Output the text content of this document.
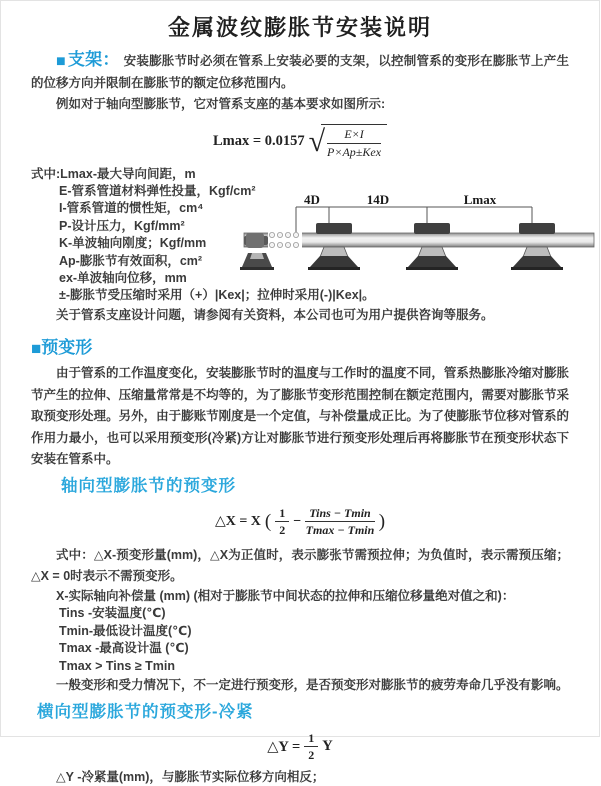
金属波纹膨胀节安装说明

■ 支架： 安装膨胀节时必须在管系上安装必要的支架，以控制管系的变形在膨胀节上产生的位移方向并限制在膨胀节的额定位移范围内。

例如对于轴向型膨胀节，它对管系支座的基本要求如图所示:

Lmax = 0.0157 √ $\frac{E\times I}{\text{P×Ap±Kex}}$
式中:Lmax-最大导向间距，m
E-管系管道材料弹性投量，Kgf/cm²
I-管系管道的惯性矩，cm⁴
P-设计压力，Kgf/mm²
K-单波轴向刚度；Kgf/mm
Ap-膨胀节有效面积，cm²
ex-单波轴向位移，mm
±-膨胀节受压缩时采用（+）|Kex|；拉伸时采用(-)|Kex|。

关于管系支座设计问题，请参阅有关资料，本公司也可为用户提供咨询等服务。

■预变形

由于管系的工作温度变化，安装膨胀节时的温度与工作时的温度不同，管系热膨胀冷缩对膨胀节产生的拉伸、压缩量常常是不均等的，为了膨胀节变形范围控制在额定范围内，需要对膨胀节采取预变形处理。另外，由于膨账节刚度是一个定值，与补偿量成正比。为了使膨胀节位移对管系的作用力最小，也可以采用预变形(冷紧)方让对膨胀节进行预变形处理后再将膨胀节在预变形状态下安装在管系中。

轴向型膨胀节的预变形
△X = X ( $\frac{1}{2} - \frac{\text{Tins − Tmin}}{Tmax - Tmin}$ )

式中：△X-预变形量(mm)，△X为正值时，表示膨张节需预拉伸；为负值时，表示需预压缩；△X = 0时表示不需预变形。

X-实际轴向补偿量 (mm) (相对于膨胀节中间状态的拉伸和压缩位移量绝对值之和)：

Tins -安装温度(℃)

Tmin-最低设计温度(℃)

Tmax -最高设计温 (℃)

Tmax > Tins ≥ Tmin

一般变形和受力情况下，不一定进行预变形，是否预变形对膨胀节的疲劳寿命几乎没有影响。

横向型膨胀节的预变形-冷紧
△Y = $\frac{1}{2}$ Y

△Y -冷紧量(mm)，与膨胀节实际位移方向相反；

4D	14D	Lmax
